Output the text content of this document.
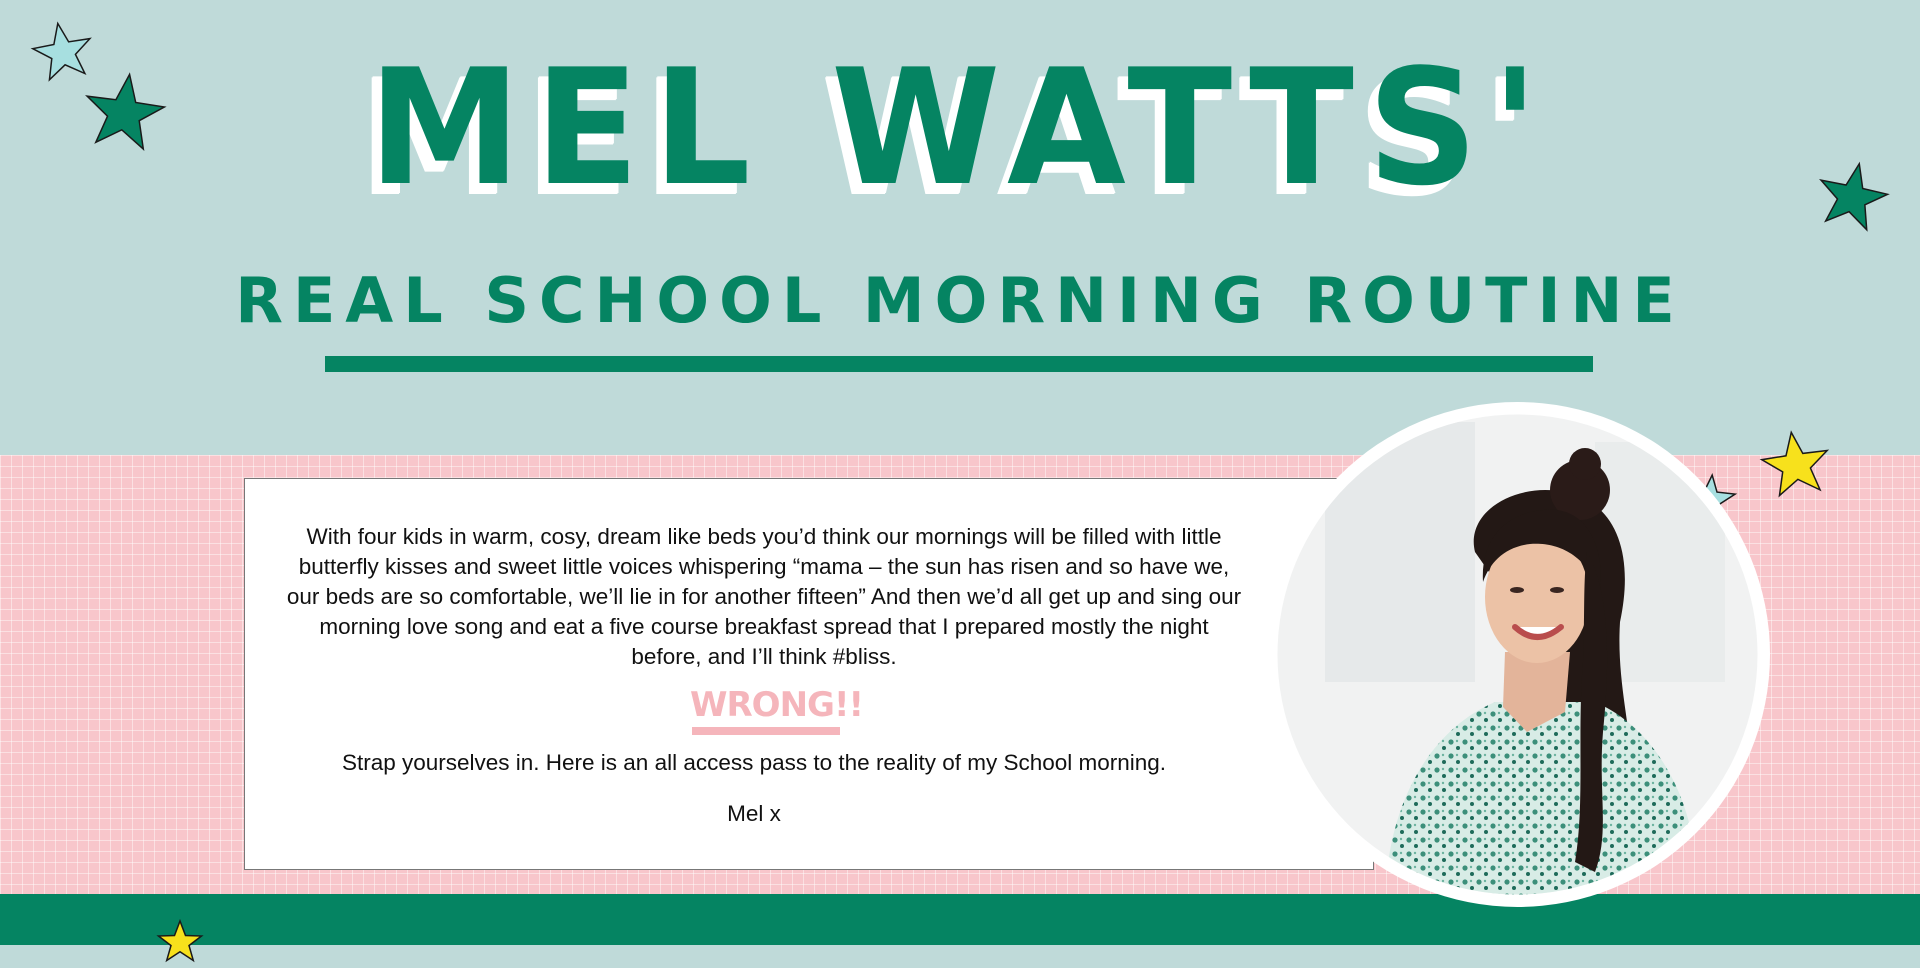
MEL WATTS'
REAL SCHOOL MORNING ROUTINE
With four kids in warm, cosy, dream like beds you’d think our mornings will be filled with little butterfly kisses and sweet little voices whispering “mama – the sun has risen and so have we, our beds are so comfortable, we’ll lie in for another fifteen” And then we’d all get up and sing our morning love song and eat a five course breakfast spread that I prepared mostly the night before, and I’ll think #bliss.
WRONG!!
Strap yourselves in. Here is an all access pass to the reality of my School morning.
Mel x
